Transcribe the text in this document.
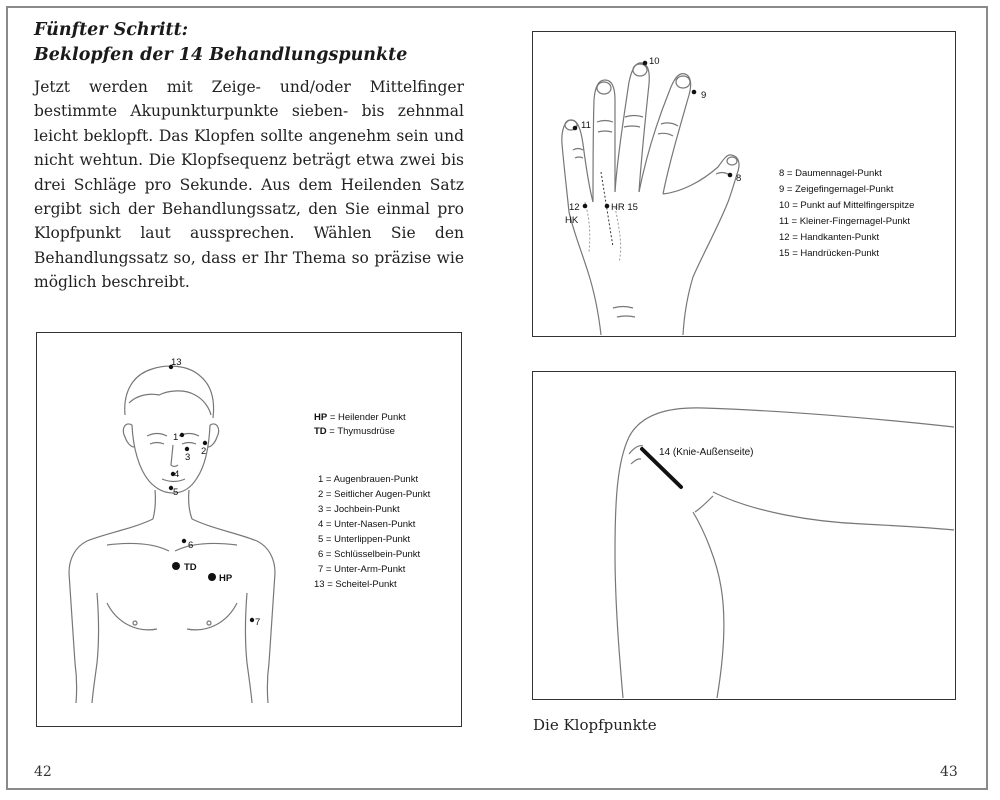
Fünfter Schritt:
Beklopfen der 14 Behandlungspunkte
Jetzt werden mit Zeige- und/oder Mittelfinger bestimmte Akupunkturpunkte sieben- bis zehnmal leicht beklopft. Das Klopfen sollte angenehm sein und nicht wehtun. Die Klopfsequenz beträgt etwa zwei bis drei Schläge pro Sekunde. Aus dem Heilenden Satz ergibt sich der Behandlungssatz, den Sie einmal pro Klopfpunkt laut aussprechen. Wählen Sie den Behandlungssatz so, dass er Ihr Thema so präzise wie möglich beschreibt.
10
9
11
8
12
HK
HR 15
8 = Daumennagel-Punkt
9 = Zeigefingernagel-Punkt
10 = Punkt auf Mittelfingerspitze
11 = Kleiner-Fingernagel-Punkt
12 = Handkanten-Punkt
15 = Handrücken-Punkt
13
1
2
3
4
5
6
TD
HP
7
HP = Heilender Punkt
TD = Thymusdrüse
1 = Augenbrauen-Punkt
2 = Seitlicher Augen-Punkt
3 = Jochbein-Punkt
4 = Unter-Nasen-Punkt
5 = Unterlippen-Punkt
6 = Schlüsselbein-Punkt
7 = Unter-Arm-Punkt
13 = Scheitel-Punkt
14 (Knie-Außenseite)
Die Klopfpunkte
42	43
